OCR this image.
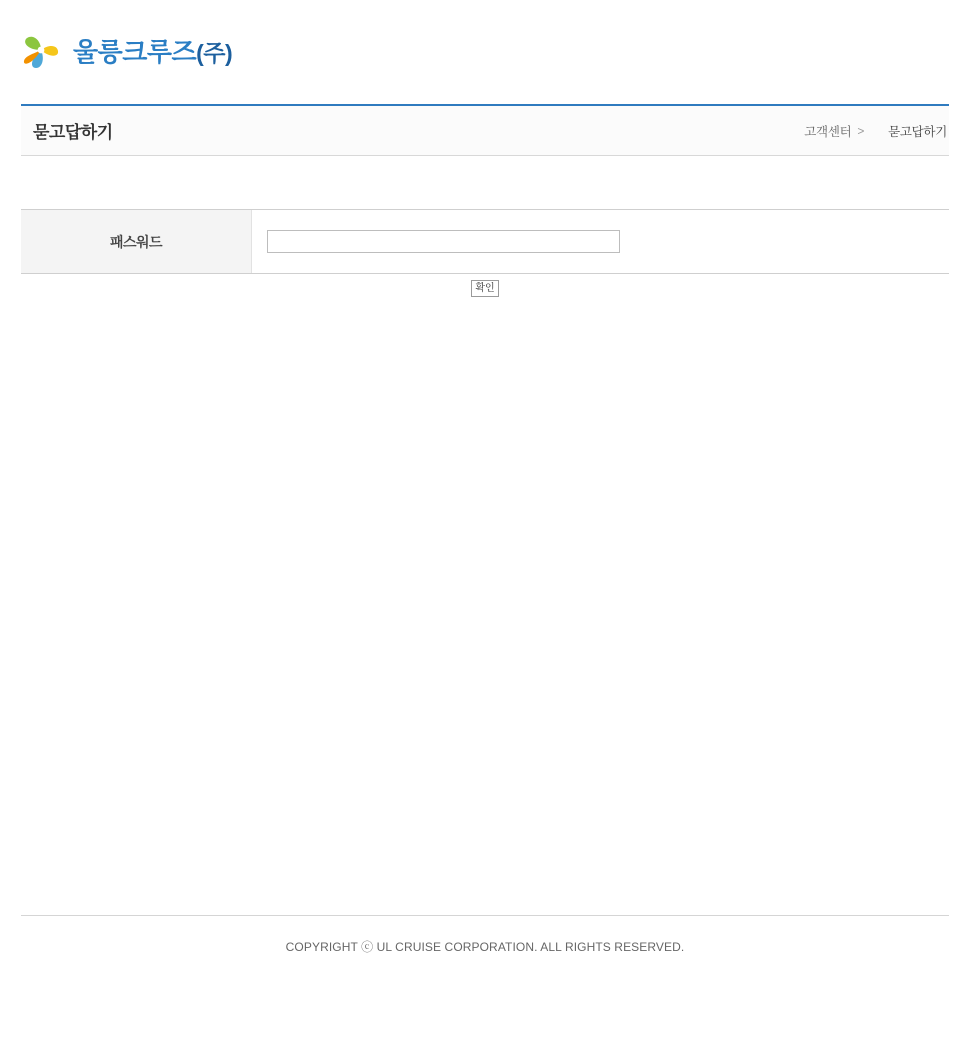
울릉크루즈(주)
묻고답하기	고객센터 > 묻고답하기
패스워드
확인
COPYRIGHT ⓒ UL CRUISE CORPORATION. ALL RIGHTS RESERVED.
